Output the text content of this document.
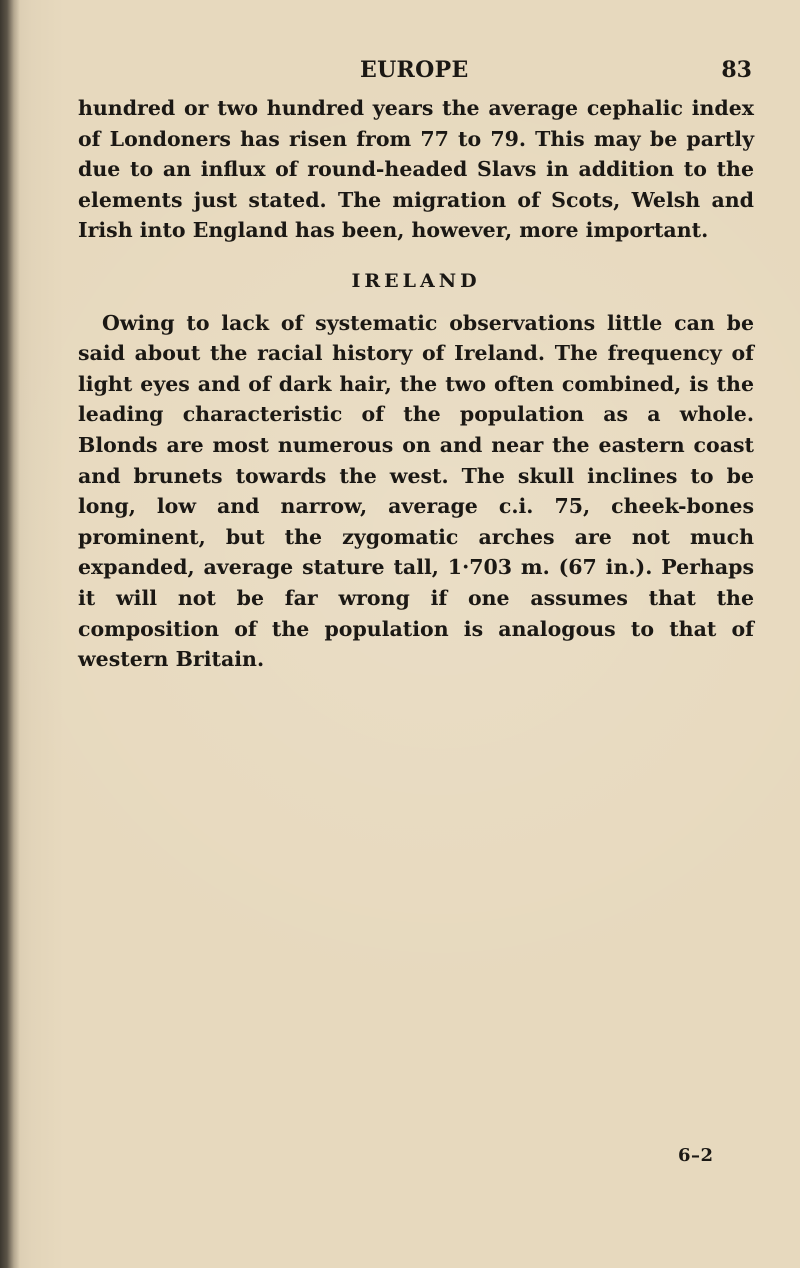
EUROPE	83

hundred or two hundred years the average cephalic index of Londoners has risen from 77 to 79. This may be partly due to an influx of round-headed Slavs in addition to the elements just stated. The migration of Scots, Welsh and Irish into England has been, however, more important.

IRELAND

Owing to lack of systematic observations little can be said about the racial history of Ireland. The frequency of light eyes and of dark hair, the two often combined, is the leading characteristic of the population as a whole. Blonds are most numerous on and near the eastern coast and brunets towards the west. The skull inclines to be long, low and narrow, average c.i. 75, cheek-bones prominent, but the zygomatic arches are not much expanded, average stature tall, 1·703 m. (67 in.). Perhaps it will not be far wrong if one assumes that the composition of the population is analogous to that of western Britain.

6–2
